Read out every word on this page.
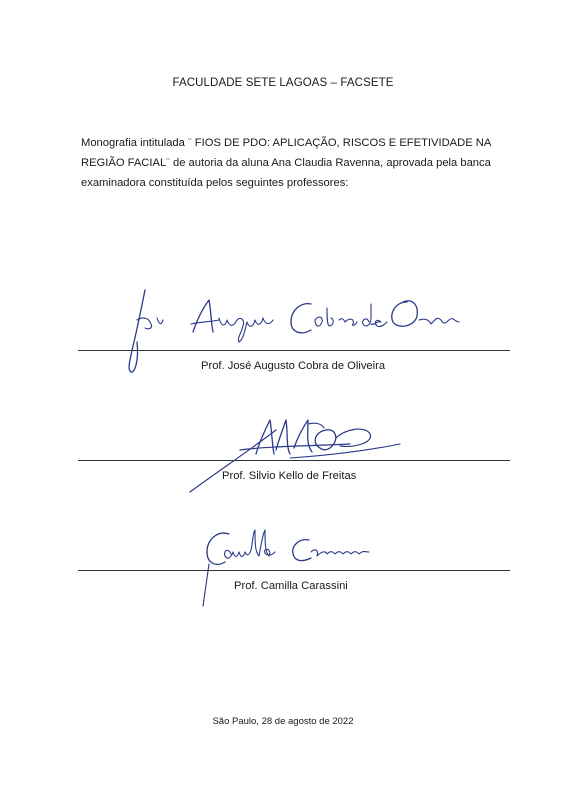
FACULDADE SETE LAGOAS – FACSETE
Monografia intitulada ¨ FIOS DE PDO: APLICAÇÃO, RISCOS E EFETIVIDADE NA REGIÃO FACIAL¨ de autoria da aluna Ana Claudia Ravenna, aprovada pela banca examinadora constituída pelos seguintes professores:
Prof. José Augusto Cobra de Oliveira
Prof. Silvio Kello de Freitas
Prof. Camilla Carassini
São Paulo, 28 de agosto de 2022
